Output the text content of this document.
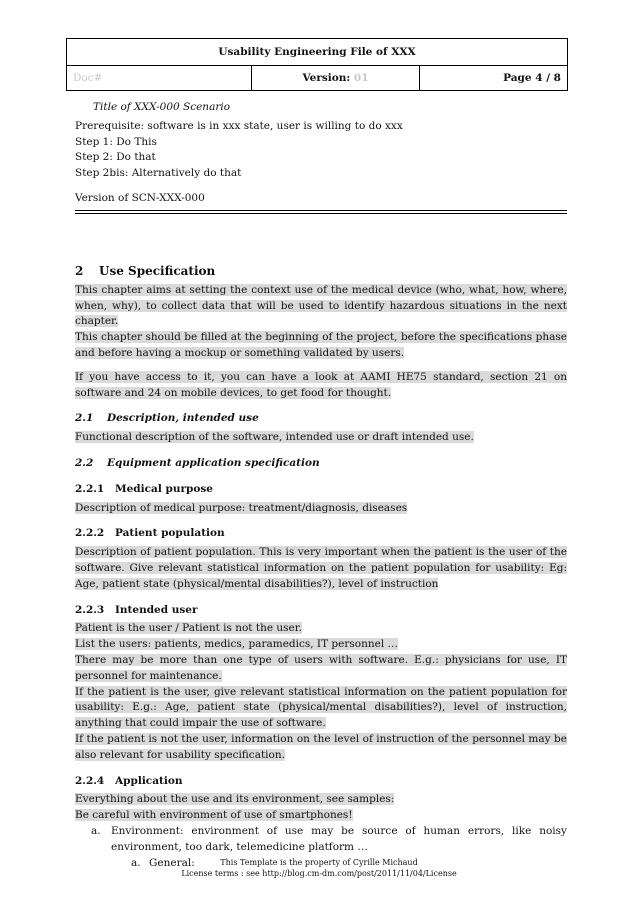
Usability Engineering File of XXX
Doc#	Version: 01	Page 4 / 8
Title of XXX-000 Scenario
Prerequisite: software is in xxx state, user is willing to do xxx
Step 1: Do This
Step 2: Do that
Step 2bis: Alternatively do that
Version of SCN-XXX-000
2 Use Specification

This chapter aims at setting the context use of the medical device (who, what, how, where, when, why), to collect data that will be used to identify hazardous situations in the next chapter.
This chapter should be filled at the beginning of the project, before the specifications phase and before having a mockup or something validated by users.

If you have access to it, you can have a look at AAMI HE75 standard, section 21 on software and 24 on mobile devices, to get food for thought.

2.1 Description, intended use

Functional description of the software, intended use or draft intended use.

2.2 Equipment application specification
2.2.1 Medical purpose

Description of medical purpose: treatment/diagnosis, diseases

2.2.2 Patient population

Description of patient population. This is very important when the patient is the user of the software. Give relevant statistical information on the patient population for usability: Eg: Age, patient state (physical/mental disabilities?), level of instruction

2.2.3 Intended user

Patient is the user / Patient is not the user.
List the users: patients, medics, paramedics, IT personnel …
There may be more than one type of users with software. E.g.: physicians for use, IT personnel for maintenance.
If the patient is the user, give relevant statistical information on the patient population for usability: E.g.: Age, patient state (physical/mental disabilities?), level of instruction, anything that could impair the use of software.
If the patient is not the user, information on the level of instruction of the personnel may be also relevant for usability specification.

2.2.4 Application

Everything about the use and its environment, see samples:
Be careful with environment of use of smartphones!

a. Environment: environment of use may be source of human errors, like noisy environment, too dark, telemedicine platform …
a. General:	This Template is the property of Cyrille Michaud
License terms : see http://blog.cm-dm.com/post/2011/11/04/License
